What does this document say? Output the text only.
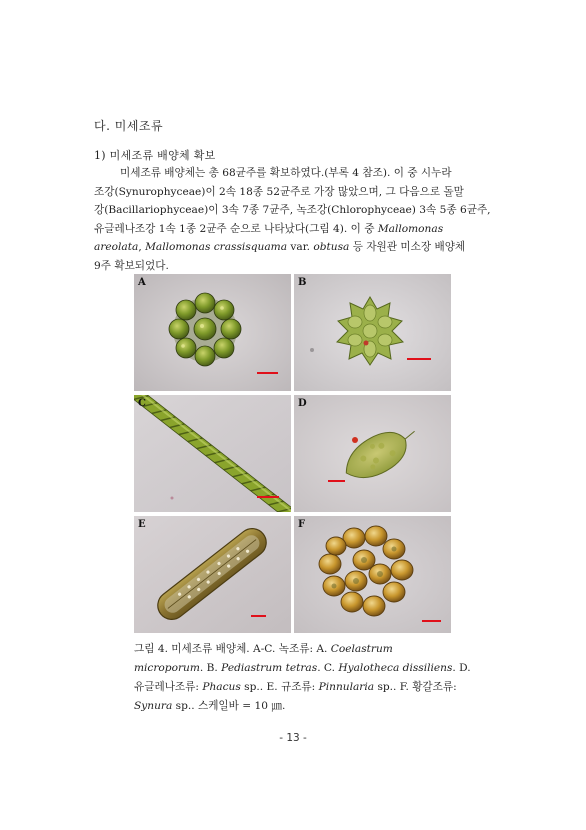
다. 미세조류
1) 미세조류 배양체 확보
미세조류 배양체는 총 68균주를 확보하였다.(부록 4 참조). 이 중 시누라
조강(Synurophyceae)이 2속 18종 52균주로 가장 많았으며, 그 다음으로 돌말
강(Bacillariophyceae)이 3속 7종 7균주, 녹조강(Chlorophyceae) 3속 5종 6균주,
유글레나조강 1속 1종 2균주 순으로 나타났다(그림 4). 이 중 Mallomonas
areolata, Mallomonas crassisquama var. obtusa 등 자원관 미소장 배양체
9주 확보되었다.
A	B
C	D
E	F
그림 4. 미세조류 배양체. A-C. 녹조류: A. Coelastrum
microporum. B. Pediastrum tetras. C. Hyalotheca dissiliens. D.
유글레나조류: Phacus sp.. E. 규조류: Pinnularia sp.. F. 황갈조류:
Synura sp.. 스케일바 = 10 ㎛.
- 13 -
